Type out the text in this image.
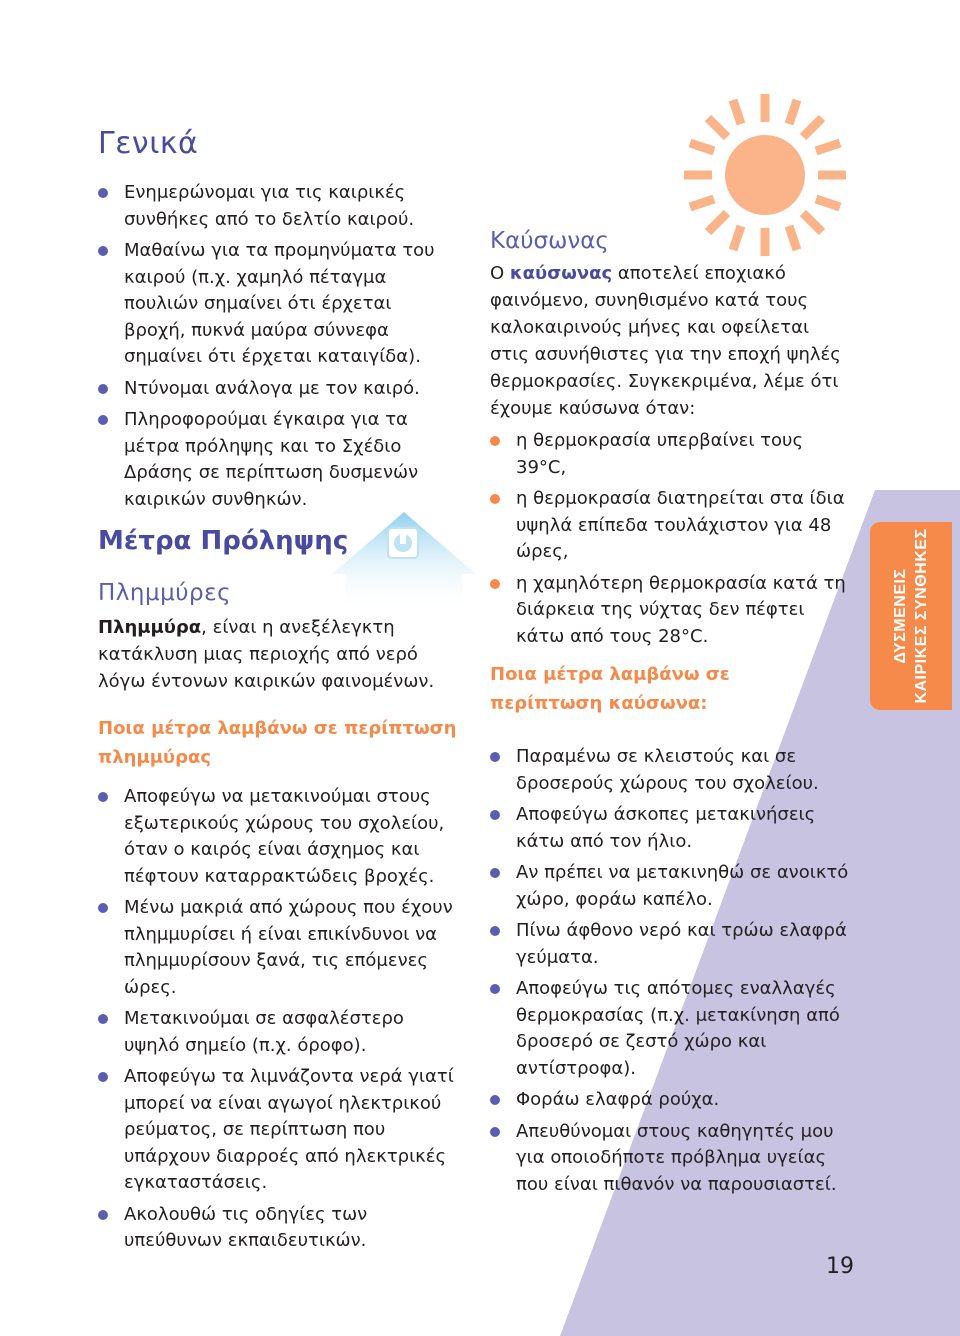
Γενικά
Ενημερώνομαι για τις καιρικές συνθήκες από το δελτίο καιρού.
Μαθαίνω για τα προμηνύματα του καιρού (π.χ. χαμηλό πέταγμα πουλιών σημαίνει ότι έρχεται βροχή, πυκνά μαύρα σύννεφα σημαίνει ότι έρχεται καταιγίδα).
Ντύνομαι ανάλογα με τον καιρό.
Πληροφορούμαι έγκαιρα για τα μέτρα πρόληψης και το Σχέδιο Δράσης σε περίπτωση δυσμενών καιρικών συνθηκών.
Μέτρα Πρόληψης
Πλημμύρες

Πλημμύρα, είναι η ανεξέλεγκτη κατάκλυση μιας περιοχής από νερό λόγω έντονων καιρικών φαινομένων.

Ποια μέτρα λαμβάνω σε περίπτωση πλημμύρας
Αποφεύγω να μετακινούμαι στους εξωτερικούς χώρους του σχολείου, όταν ο καιρός είναι άσχημος και πέφτουν καταρρακτώδεις βροχές.
Μένω μακριά από χώρους που έχουν πλημμυρίσει ή είναι επικίνδυνοι να πλημμυρίσουν ξανά, τις επόμενες ώρες.
Μετακινούμαι σε ασφαλέστερο υψηλό σημείο (π.χ. όροφο).
Αποφεύγω τα λιμνάζοντα νερά γιατί μπορεί να είναι αγωγοί ηλεκτρικού ρεύματος, σε περίπτωση που υπάρχουν διαρροές από ηλεκτρικές εγκαταστάσεις.
Ακολουθώ τις οδηγίες των υπεύθυνων εκπαιδευτικών.
Καύσωνας

Ο καύσωνας αποτελεί εποχιακό φαινόμενο, συνηθισμένο κατά τους καλοκαιρινούς μήνες και οφείλεται στις ασυνήθιστες για την εποχή ψηλές θερμοκρασίες. Συγκεκριμένα, λέμε ότι έχουμε καύσωνα όταν:

η θερμοκρασία υπερβαίνει τους 39°C,
η θερμοκρασία διατηρείται στα ίδια υψηλά επίπεδα τουλάχιστον για 48 ώρες,
η χαμηλότερη θερμοκρασία κατά τη διάρκεια της νύχτας δεν πέφτει κάτω από τους 28°C.
Ποια μέτρα λαμβάνω σε περίπτωση καύσωνα:
Παραμένω σε κλειστούς και σε δροσερούς χώρους του σχολείου.
Αποφεύγω άσκοπες μετακινήσεις κάτω από τον ήλιο.
Αν πρέπει να μετακινηθώ σε ανοικτό χώρο, φοράω καπέλο.
Πίνω άφθονο νερό και τρώω ελαφρά γεύματα.
Αποφεύγω τις απότομες εναλλαγές θερμοκρασίας (π.χ. μετακίνηση από δροσερό σε ζεστό χώρο και αντίστροφα).
Φοράω ελαφρά ρούχα.
Απευθύνομαι στους καθηγητές μου για οποιοδήποτε πρόβλημα υγείας που είναι πιθανόν να παρουσιαστεί.
ΔΥΣΜΕΝΕΙΣ ΚΑΙΡΙΚΕΣ ΣΥΝΘΗΚΕΣ
19
